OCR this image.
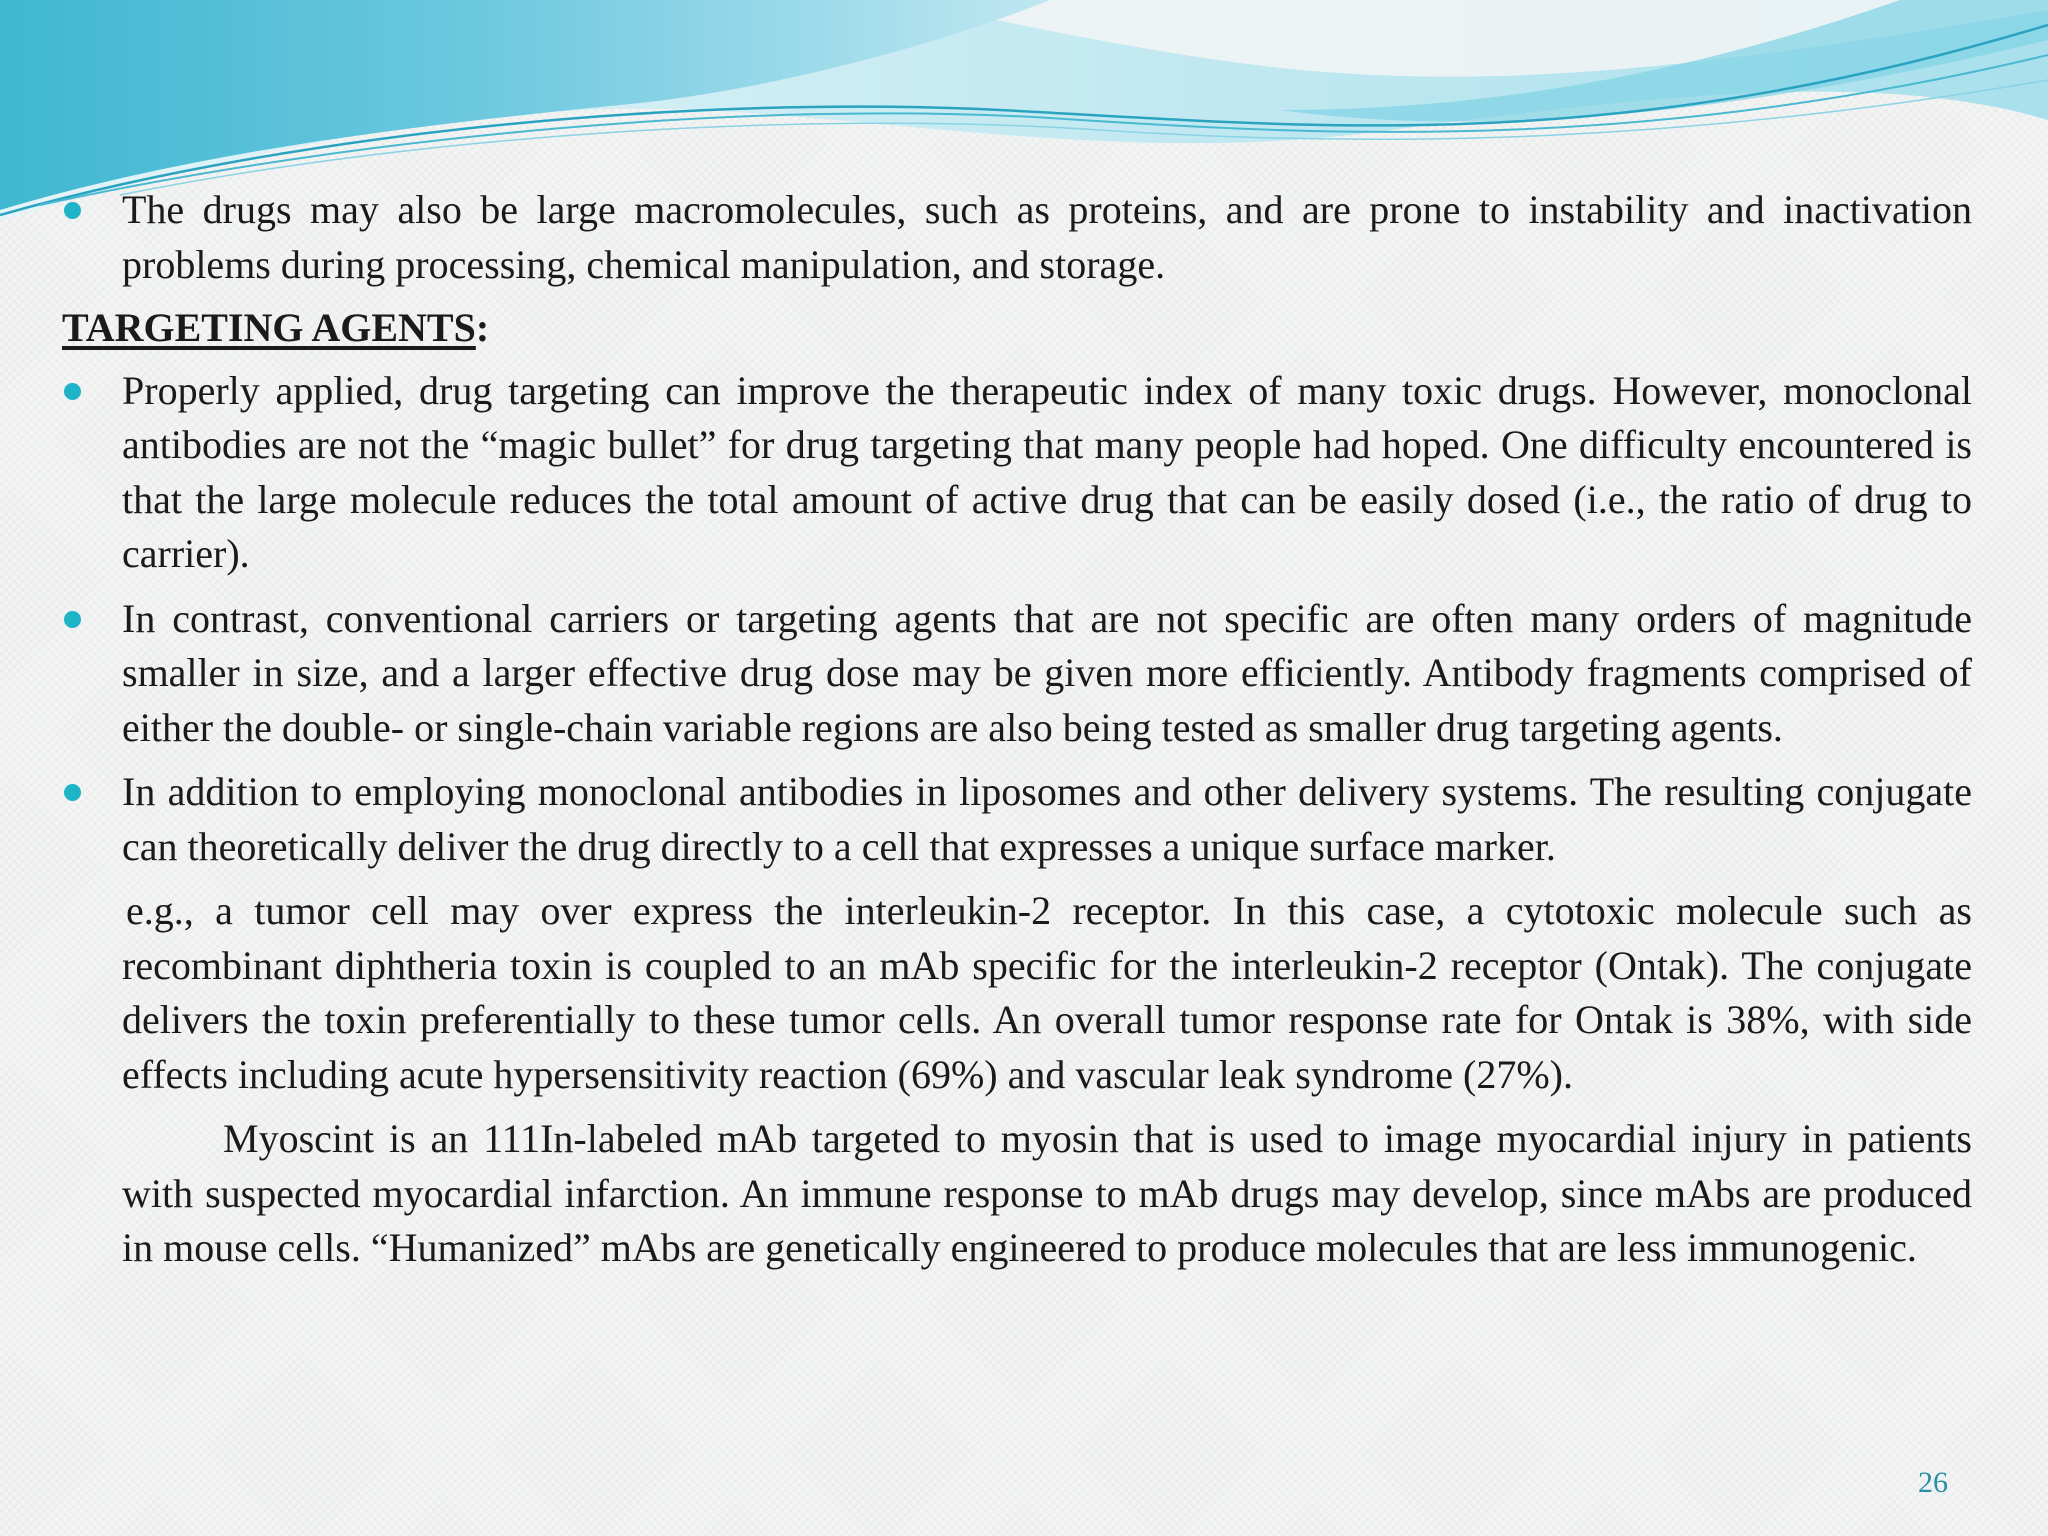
The drugs may also be large macromolecules, such as proteins, and are prone to instability and inactivation problems during processing, chemical manipulation, and storage.
TARGETING AGENTS:
Properly applied, drug targeting can improve the therapeutic index of many toxic drugs. However, monoclonal antibodies are not the “magic bullet” for drug targeting that many people had hoped. One difficulty encountered is that the large molecule reduces the total amount of active drug that can be easily dosed (i.e., the ratio of drug to carrier).
In contrast, conventional carriers or targeting agents that are not specific are often many orders of magnitude smaller in size, and a larger effective drug dose may be given more efficiently. Antibody fragments comprised of either the double- or single-chain variable regions are also being tested as smaller drug targeting agents.
In addition to employing monoclonal antibodies in liposomes and other delivery systems. The resulting conjugate can theoretically deliver the drug directly to a cell that expresses a unique surface marker.
e.g., a tumor cell may over express the interleukin-2 receptor. In this case, a cytotoxic molecule such as recombinant diphtheria toxin is coupled to an mAb specific for the interleukin-2 receptor (Ontak). The conjugate delivers the toxin preferentially to these tumor cells. An overall tumor response rate for Ontak is 38%, with side effects including acute hypersensitivity reaction (69%) and vascular leak syndrome (27%).
Myoscint is an 111In-labeled mAb targeted to myosin that is used to image myocardial injury in patients with suspected myocardial infarction. An immune response to mAb drugs may develop, since mAbs are produced in mouse cells. “Humanized” mAbs are genetically engineered to produce molecules that are less immunogenic.
26
